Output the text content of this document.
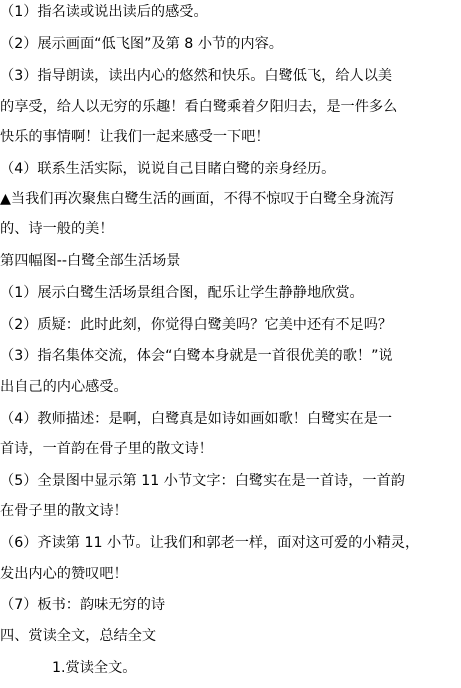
（1）指名读或说出读后的感受。
（2）展示画面“低飞图”及第 8 小节的内容。
（3）指导朗读，读出内心的悠然和快乐。白鹭低飞，给人以美
的享受，给人以无穷的乐趣！看白鹭乘着夕阳归去，是一件多么
快乐的事情啊！让我们一起来感受一下吧！
（4）联系生活实际，说说自己目睹白鹭的亲身经历。
▲当我们再次聚焦白鹭生活的画面，不得不惊叹于白鹭全身流泻
的、诗一般的美！
第四幅图--白鹭全部生活场景
（1）展示白鹭生活场景组合图，配乐让学生静静地欣赏。
（2）质疑：此时此刻，你觉得白鹭美吗？它美中还有不足吗？
（3）指名集体交流，体会“白鹭本身就是一首很优美的歌！”说
出自己的内心感受。
（4）教师描述：是啊，白鹭真是如诗如画如歌！白鹭实在是一
首诗，一首韵在骨子里的散文诗！
（5）全景图中显示第 11 小节文字：白鹭实在是一首诗，一首韵
在骨子里的散文诗！
（6）齐读第 11 小节。让我们和郭老一样，面对这可爱的小精灵，
发出内心的赞叹吧！
（7）板书：韵味无穷的诗
四、赏读全文，总结全文
1.赏读全文。
